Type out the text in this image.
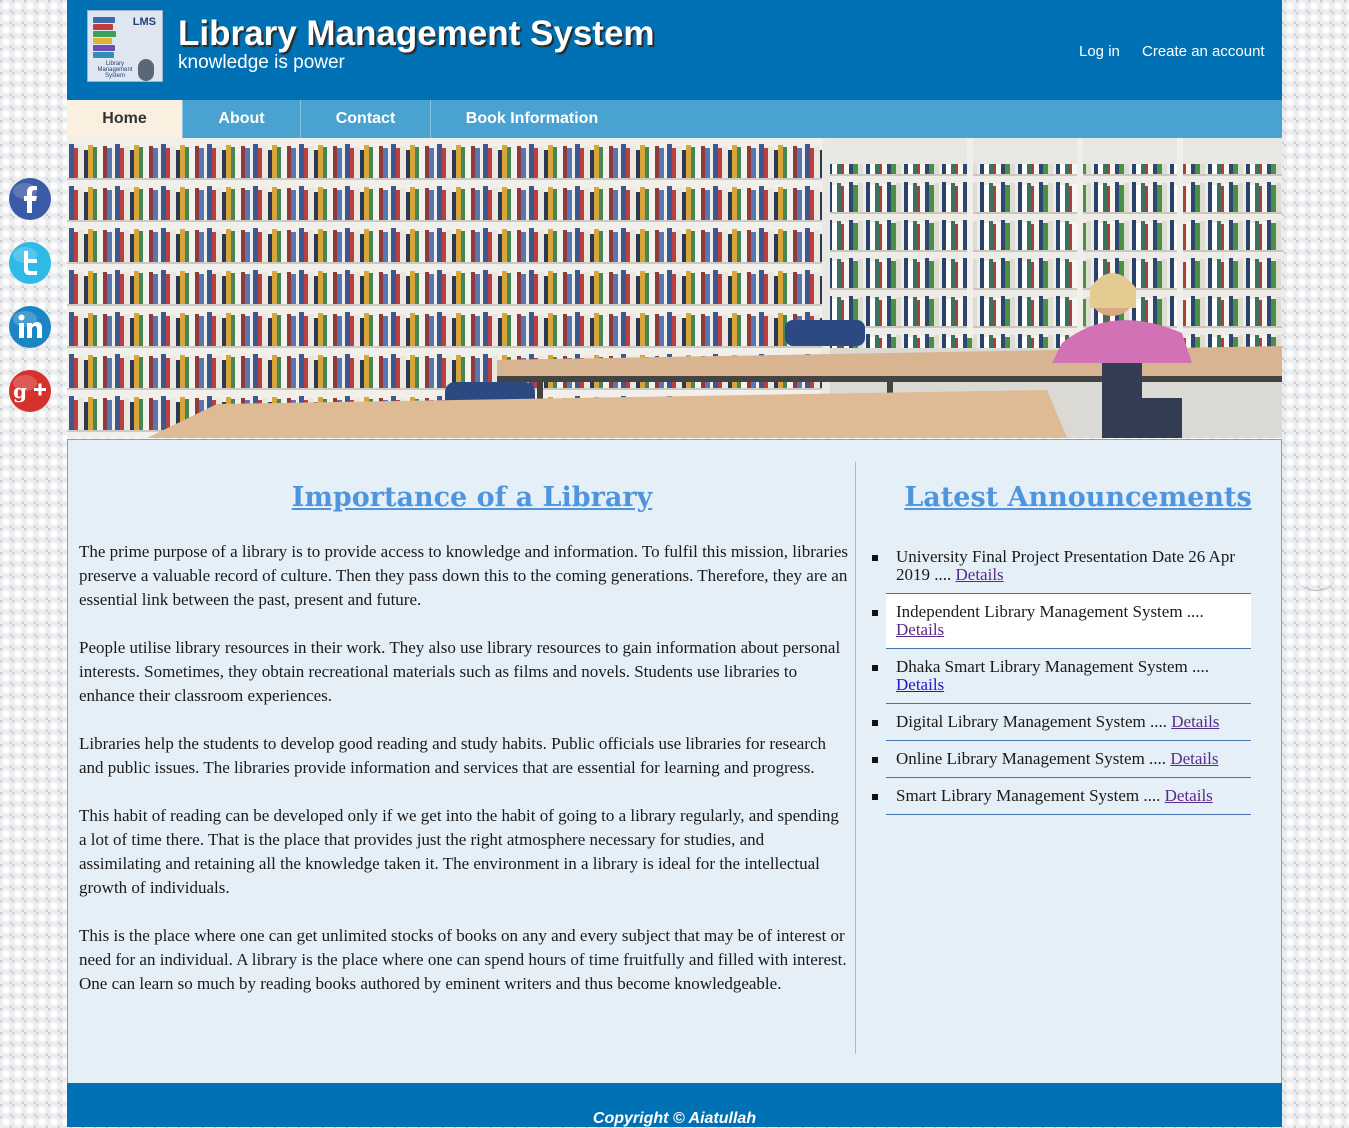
g
LMS
Library Management System
Library Management System
knowledge is power
Log in Create an account
Home	About	Contact	Book Information
Importance of a Library

The prime purpose of a library is to provide access to knowledge and information. To fulfil this mission, libraries preserve a valuable record of culture. Then they pass down this to the coming generations. Therefore, they are an essential link between the past, present and future.

People utilise library resources in their work. They also use library resources to gain information about personal interests. Sometimes, they obtain recreational materials such as films and novels. Students use libraries to enhance their classroom experiences.

Libraries help the students to develop good reading and study habits. Public officials use libraries for research and public issues. The libraries provide information and services that are essential for learning and progress.

This habit of reading can be developed only if we get into the habit of going to a library regularly, and spending a lot of time there. That is the place that provides just the right atmosphere necessary for studies, and assimilating and retaining all the knowledge taken it. The environment in a library is ideal for the intellectual growth of individuals.

This is the place where one can get unlimited stocks of books on any and every subject that may be of interest or need for an individual. A library is the place where one can spend hours of time fruitfully and filled with interest. One can learn so much by reading books authored by eminent writers and thus become knowledgeable.

Latest Announcements
University Final Project Presentation Date 26 Apr 2019 .... Details
Independent Library Management System .... Details
Dhaka Smart Library Management System .... Details
Digital Library Management System .... Details
Online Library Management System .... Details
Smart Library Management System .... Details
Copyright © Aiatullah
